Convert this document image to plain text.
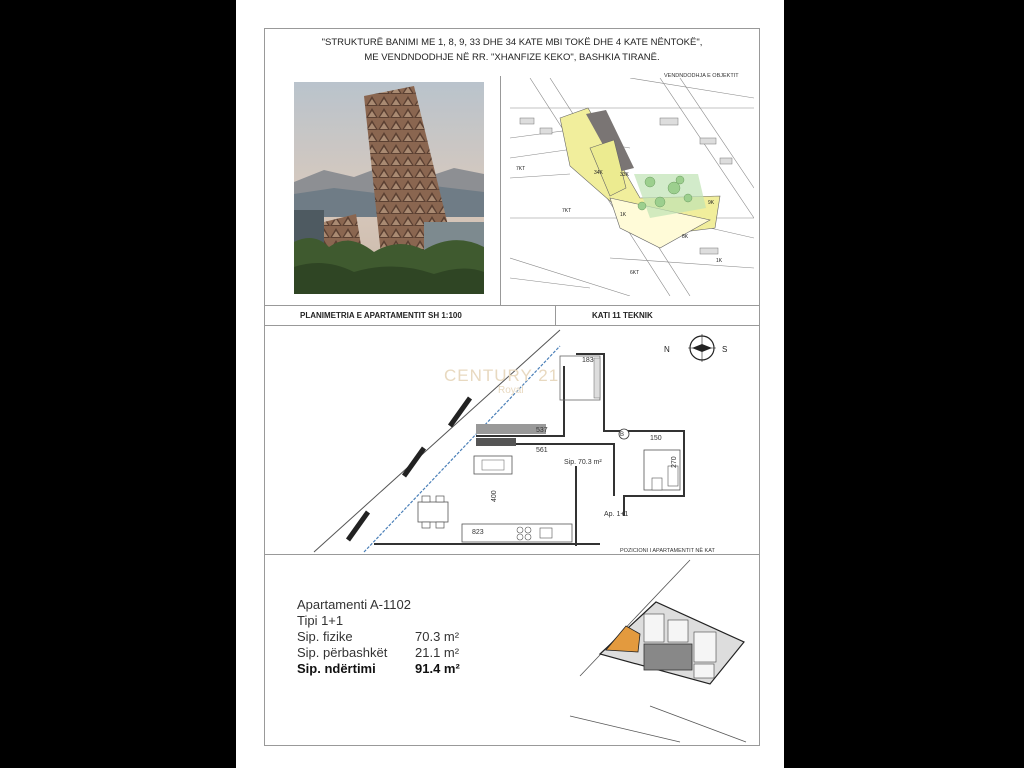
"STRUKTURË BANIMI ME 1, 8, 9, 33 DHE 34 KATE MBI TOKË DHE 4 KATE NËNTOKË",
ME VENDNDODHJE NË RR. "XHANFIZE KEKO", BASHKIA TIRANË.
7KT
7KT
34K	33K
1K
8K
9K
1K
6KT
VENDNDODHJA E OBJEKTIT
PLANIMETRIA E APARTAMENTIT SH 1:100	KATI 11 TEKNIK
183
537
561
150
400
823
270
B
Sip. 70.3 m²
Ap. 1+1
N	S
CENTURY 21
Royal
POZICIONI I APARTAMENTIT NË KAT
Apartamenti A-1102
Tipi 1+1
Sip. fizike	70.3 m²
Sip. përbashkët	21.1 m²
Sip. ndërtimi	91.4 m²
